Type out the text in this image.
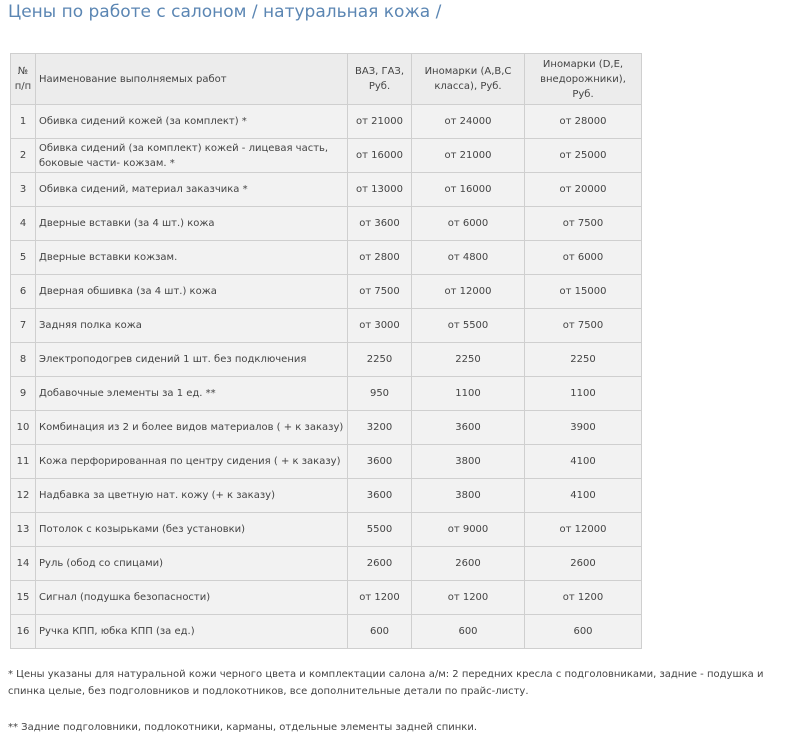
Цены по работе с салоном / натуральная кожа /
№ п/п	Наименование выполняемых работ	ВАЗ, ГАЗ, Руб.	Иномарки (A,B,C класса), Руб.	Иномарки (D,E, внедорожники), Руб.
1	Обивка сидений кожей (за комплект) *	от 21000	от 24000	от 28000
2	Обивка сидений (за комплект) кожей - лицевая часть, боковые части- кожзам. *	от 16000	от 21000	от 25000
3	Обивка сидений, материал заказчика *	от 13000	от 16000	от 20000
4	Дверные вставки (за 4 шт.) кожа	от 3600	от 6000	от 7500
5	Дверные вставки кожзам.	от 2800	от 4800	от 6000
6	Дверная обшивка (за 4 шт.) кожа	от 7500	от 12000	от 15000
7	Задняя полка кожа	от 3000	от 5500	от 7500
8	Электроподогрев сидений 1 шт. без подключения	2250	2250	2250
9	Добавочные элементы за 1 ед. **	950	1100	1100
10	Комбинация из 2 и более видов материалов ( + к заказу)	3200	3600	3900
11	Кожа перфорированная по центру сидения ( + к заказу)	3600	3800	4100
12	Надбавка за цветную нат. кожу (+ к заказу)	3600	3800	4100
13	Потолок с козырьками (без установки)	5500	от 9000	от 12000
14	Руль (обод со спицами)	2600	2600	2600
15	Сигнал (подушка безопасности)	от 1200	от 1200	от 1200
16	Ручка КПП, юбка КПП (за ед.)	600	600	600

* Цены указаны для натуральной кожи черного цвета и комплектации салона а/м: 2 передних кресла с подголовниками, задние - подушка и спинка целые, без подголовников и подлокотников, все дополнительные детали по прайс-листу.

** Задние подголовники, подлокотники, карманы, отдельные элементы задней спинки.
